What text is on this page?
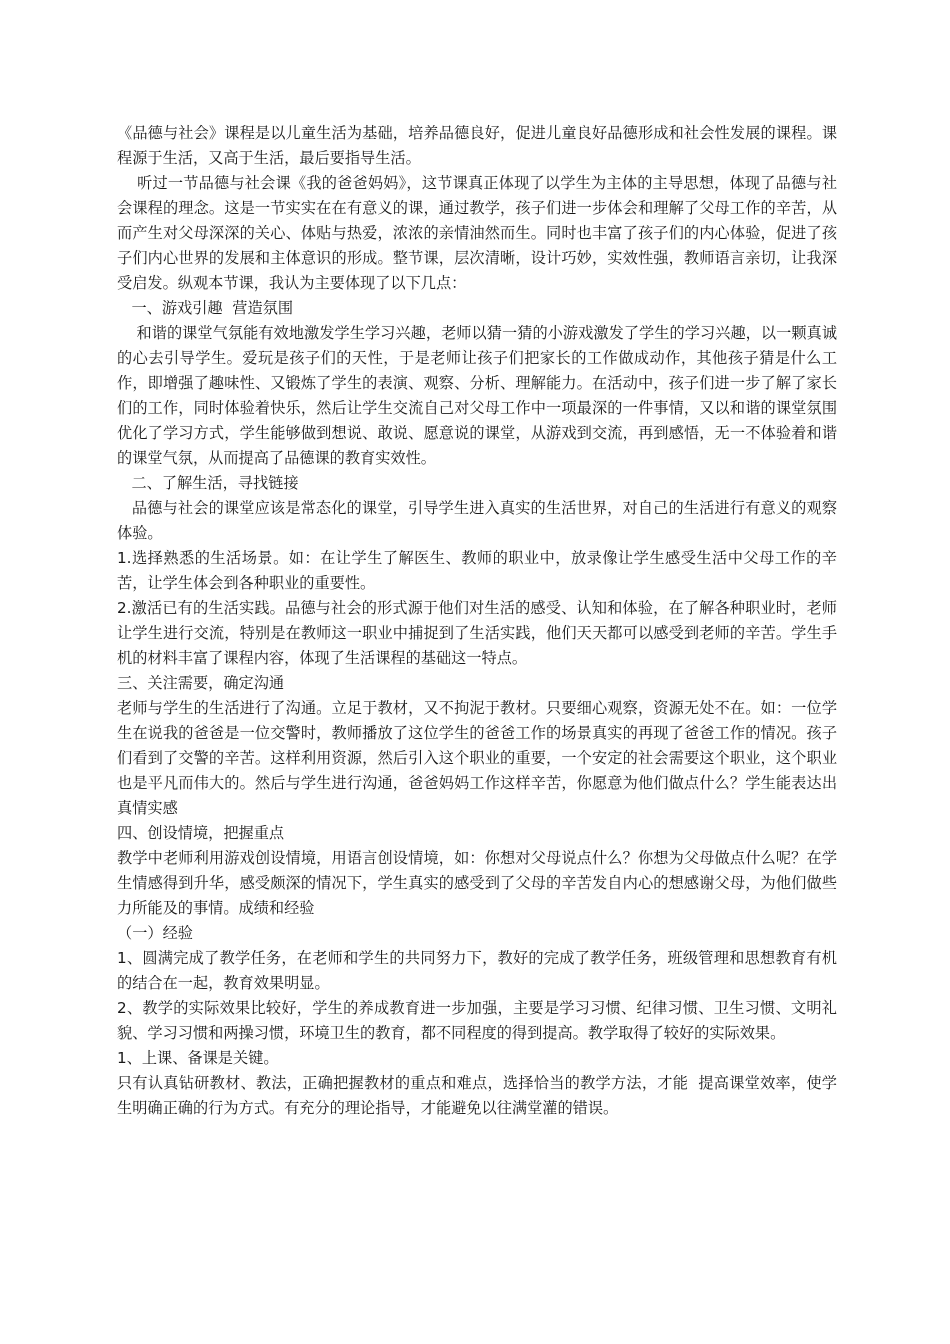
《品德与社会》课程是以儿童生活为基础，培养品德良好，促进儿童良好品德形成和社会性发展的课程。课程源于生活，又高于生活，最后要指导生活。

听过一节品德与社会课《我的爸爸妈妈》，这节课真正体现了以学生为主体的主导思想，体现了品德与社会课程的理念。这是一节实实在在有意义的课，通过教学，孩子们进一步体会和理解了父母工作的辛苦，从而产生对父母深深的关心、体贴与热爱，浓浓的亲情油然而生。同时也丰富了孩子们的内心体验，促进了孩子们内心世界的发展和主体意识的形成。整节课，层次清晰，设计巧妙，实效性强，教师语言亲切，让我深受启发。纵观本节课，我认为主要体现了以下几点：

一、游戏引趣  营造氛围

和谐的课堂气氛能有效地激发学生学习兴趣，老师以猜一猜的小游戏激发了学生的学习兴趣，以一颗真诚的心去引导学生。爱玩是孩子们的天性，于是老师让孩子们把家长的工作做成动作，其他孩子猜是什么工作，即增强了趣味性、又锻炼了学生的表演、观察、分析、理解能力。在活动中，孩子们进一步了解了家长们的工作，同时体验着快乐，然后让学生交流自己对父母工作中一项最深的一件事情，又以和谐的课堂氛围优化了学习方式，学生能够做到想说、敢说、愿意说的课堂，从游戏到交流，再到感悟，无一不体验着和谐的课堂气氛，从而提高了品德课的教育实效性。

二、了解生活，寻找链接

品德与社会的课堂应该是常态化的课堂，引导学生进入真实的生活世界，对自己的生活进行有意义的观察体验。

1.选择熟悉的生活场景。如：在让学生了解医生、教师的职业中，放录像让学生感受生活中父母工作的辛苦，让学生体会到各种职业的重要性。

2.激活已有的生活实践。品德与社会的形式源于他们对生活的感受、认知和体验，在了解各种职业时，老师让学生进行交流，特别是在教师这一职业中捕捉到了生活实践，他们天天都可以感受到老师的辛苦。学生手机的材料丰富了课程内容，体现了生活课程的基础这一特点。

三、关注需要，确定沟通

老师与学生的生活进行了沟通。立足于教材，又不拘泥于教材。只要细心观察，资源无处不在。如：一位学生在说我的爸爸是一位交警时，教师播放了这位学生的爸爸工作的场景真实的再现了爸爸工作的情况。孩子们看到了交警的辛苦。这样利用资源，然后引入这个职业的重要，一个安定的社会需要这个职业，这个职业也是平凡而伟大的。然后与学生进行沟通，爸爸妈妈工作这样辛苦，你愿意为他们做点什么？学生能表达出真情实感

四、创设情境，把握重点

教学中老师利用游戏创设情境，用语言创设情境，如：你想对父母说点什么？你想为父母做点什么呢？在学生情感得到升华，感受颇深的情况下，学生真实的感受到了父母的辛苦发自内心的想感谢父母，为他们做些力所能及的事情。成绩和经验

（一）经验

1、圆满完成了教学任务，在老师和学生的共同努力下，教好的完成了教学任务，班级管理和思想教育有机的结合在一起，教育效果明显。

2、教学的实际效果比较好，学生的养成教育进一步加强，主要是学习习惯、纪律习惯、卫生习惯、文明礼貌、学习习惯和两操习惯，环境卫生的教育，都不同程度的得到提高。教学取得了较好的实际效果。

1、上课、备课是关键。

只有认真钻研教材、教法，正确把握教材的重点和难点，选择恰当的教学方法，才能  提高课堂效率，使学生明确正确的行为方式。有充分的理论指导，才能避免以往满堂灌的错误。
